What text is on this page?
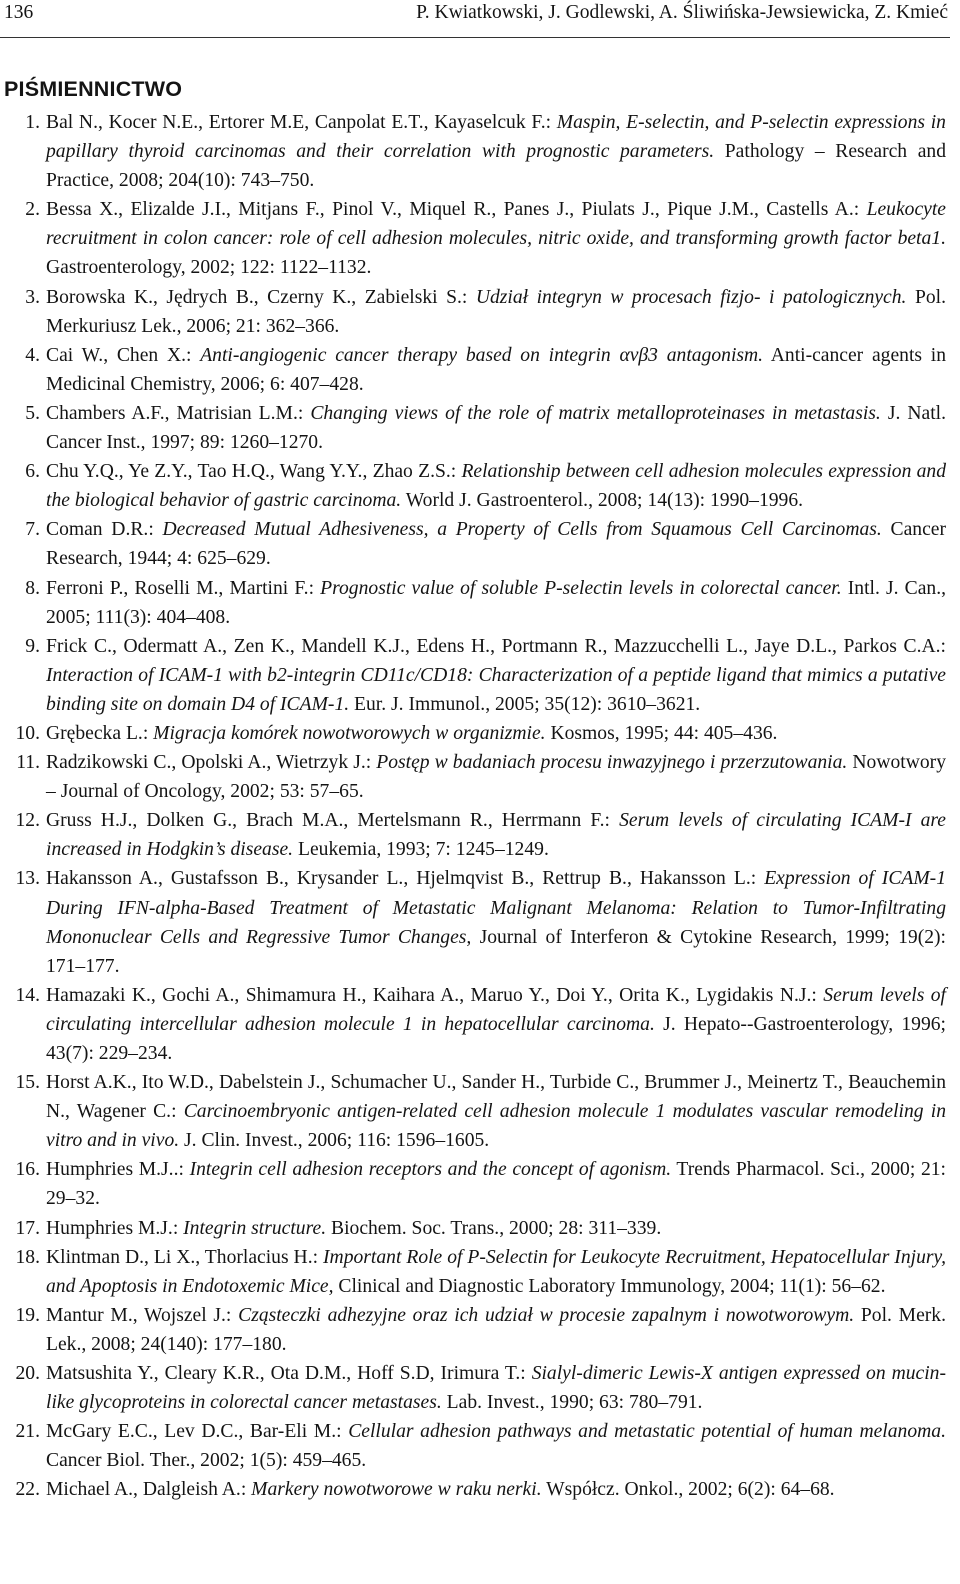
136	P. Kwiatkowski, J. Godlewski, A. Śliwińska-Jewsiewicka, Z. Kmieć
PIŚMIENNICTWO
1. Bal N., Kocer N.E., Ertorer M.E, Canpolat E.T., Kayaselcuk F.: Maspin, E-selectin, and P-selectin expressions in papillary thyroid carcinomas and their correlation with prognostic parameters. Pathology – Research and Practice, 2008; 204(10): 743–750.
2. Bessa X., Elizalde J.I., Mitjans F., Pinol V., Miquel R., Panes J., Piulats J., Pique J.M., Castells A.: Leukocyte recruitment in colon cancer: role of cell adhesion molecules, nitric oxide, and transforming growth factor beta1. Gastroenterology, 2002; 122: 1122–1132.
3. Borowska K., Jędrych B., Czerny K., Zabielski S.: Udział integryn w procesach fizjo- i patologicznych. Pol. Merkuriusz Lek., 2006; 21: 362–366.
4. Cai W., Chen X.: Anti-angiogenic cancer therapy based on integrin αvβ3 antagonism. Anti-cancer agents in Medicinal Chemistry, 2006; 6: 407–428.
5. Chambers A.F., Matrisian L.M.: Changing views of the role of matrix metalloproteinases in metastasis. J. Natl. Cancer Inst., 1997; 89: 1260–1270.
6. Chu Y.Q., Ye Z.Y., Tao H.Q., Wang Y.Y., Zhao Z.S.: Relationship between cell adhesion molecules expression and the biological behavior of gastric carcinoma. World J. Gastroenterol., 2008; 14(13): 1990–1996.
7. Coman D.R.: Decreased Mutual Adhesiveness, a Property of Cells from Squamous Cell Carcinomas. Cancer Research, 1944; 4: 625–629.
8. Ferroni P., Roselli M., Martini F.: Prognostic value of soluble P-selectin levels in colorectal cancer. Intl. J. Can., 2005; 111(3): 404–408.
9. Frick C., Odermatt A., Zen K., Mandell K.J., Edens H., Portmann R., Mazzucchelli L., Jaye D.L., Parkos C.A.: Interaction of ICAM-1 with b2-integrin CD11c/CD18: Characterization of a peptide ligand that mimics a putative binding site on domain D4 of ICAM-1. Eur. J. Immunol., 2005; 35(12): 3610–3621.
10. Grębecka L.: Migracja komórek nowotworowych w organizmie. Kosmos, 1995; 44: 405–436.
11. Radzikowski C., Opolski A., Wietrzyk J.: Postęp w badaniach procesu inwazyjnego i przerzutowania. Nowotwory – Journal of Oncology, 2002; 53: 57–65.
12. Gruss H.J., Dolken G., Brach M.A., Mertelsmann R., Herrmann F.: Serum levels of circulating ICAM-I are increased in Hodgkin’s disease. Leukemia, 1993; 7: 1245–1249.
13. Hakansson A., Gustafsson B., Krysander L., Hjelmqvist B., Rettrup B., Hakansson L.: Expression of ICAM-1 During IFN-alpha-Based Treatment of Metastatic Malignant Melanoma: Relation to Tumor-Infiltrating Mononuclear Cells and Regressive Tumor Changes, Journal of Interferon & Cytokine Research, 1999; 19(2): 171–177.
14. Hamazaki K., Gochi A., Shimamura H., Kaihara A., Maruo Y., Doi Y., Orita K., Lygidakis N.J.: Serum levels of circulating intercellular adhesion molecule 1 in hepatocellular carcinoma. J. Hepato--Gastroenterology, 1996; 43(7): 229–234.
15. Horst A.K., Ito W.D., Dabelstein J., Schumacher U., Sander H., Turbide C., Brummer J., Meinertz T., Beauchemin N., Wagener C.: Carcinoembryonic antigen-related cell adhesion molecule 1 modulates vascular remodeling in vitro and in vivo. J. Clin. Invest., 2006; 116: 1596–1605.
16. Humphries M.J..: Integrin cell adhesion receptors and the concept of agonism. Trends Pharmacol. Sci., 2000; 21: 29–32.
17. Humphries M.J.: Integrin structure. Biochem. Soc. Trans., 2000; 28: 311–339.
18. Klintman D., Li X., Thorlacius H.: Important Role of P-Selectin for Leukocyte Recruitment, Hepatocellular Injury, and Apoptosis in Endotoxemic Mice, Clinical and Diagnostic Laboratory Immunology, 2004; 11(1): 56–62.
19. Mantur M., Wojszel J.: Cząsteczki adhezyjne oraz ich udział w procesie zapalnym i nowotworowym. Pol. Merk. Lek., 2008; 24(140): 177–180.
20. Matsushita Y., Cleary K.R., Ota D.M., Hoff S.D, Irimura T.: Sialyl-dimeric Lewis-X antigen expressed on mucin-like glycoproteins in colorectal cancer metastases. Lab. Invest., 1990; 63: 780–791.
21. McGary E.C., Lev D.C., Bar-Eli M.: Cellular adhesion pathways and metastatic potential of human melanoma. Cancer Biol. Ther., 2002; 1(5): 459–465.
22. Michael A., Dalgleish A.: Markery nowotworowe w raku nerki. Współcz. Onkol., 2002; 6(2): 64–68.
